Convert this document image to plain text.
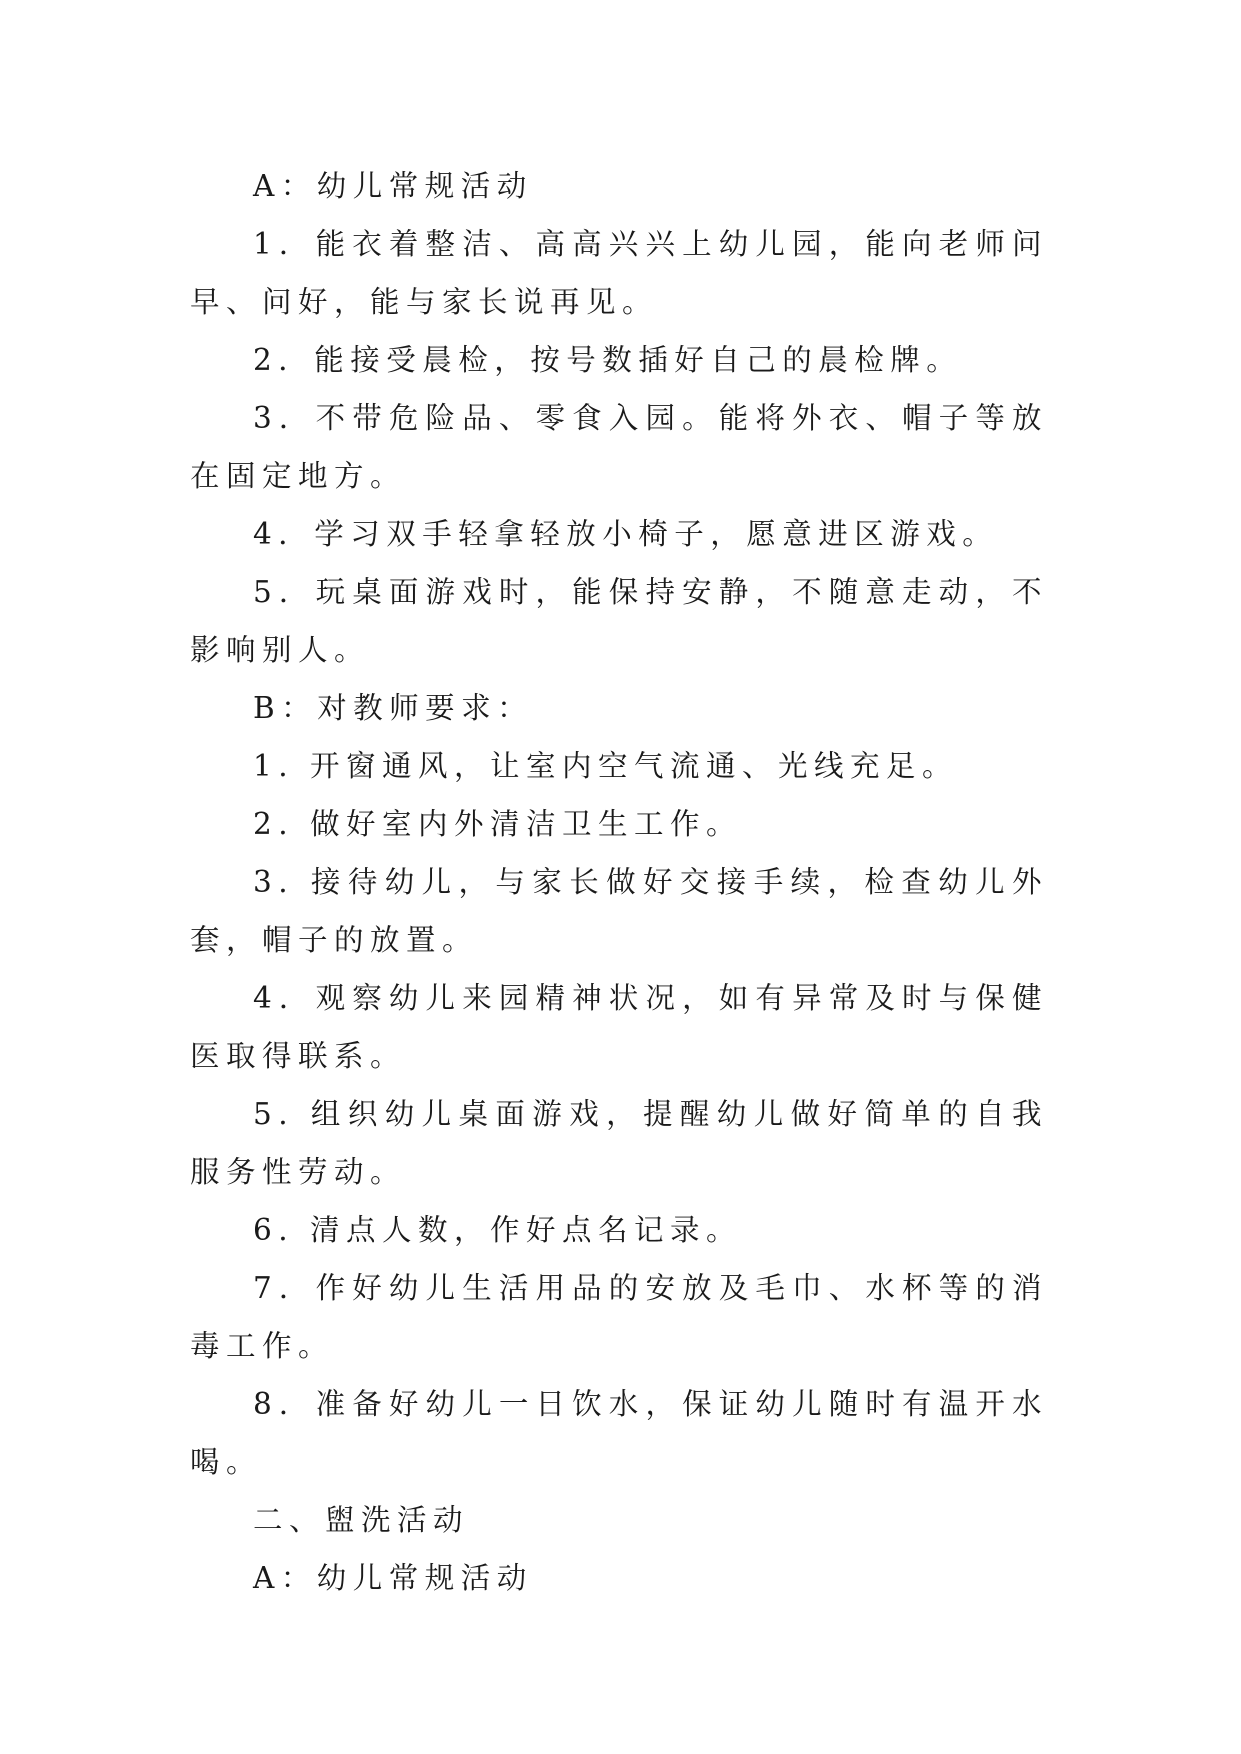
A：幼儿常规活动

1．能衣着整洁、高高兴兴上幼儿园，能向老师问早、问好，能与家长说再见。

2．能接受晨检，按号数插好自己的晨检牌。

3．不带危险品、零食入园。能将外衣、帽子等放在固定地方。

4．学习双手轻拿轻放小椅子，愿意进区游戏。

5．玩桌面游戏时，能保持安静，不随意走动，不影响别人。

B：对教师要求：

1. 开窗通风，让室内空气流通、光线充足。

2. 做好室内外清洁卫生工作。

3. 接待幼儿，与家长做好交接手续，检查幼儿外套，帽子的放置。

4．观察幼儿来园精神状况，如有异常及时与保健医取得联系。

5. 组织幼儿桌面游戏，提醒幼儿做好简单的自我服务性劳动。

6. 清点人数，作好点名记录。

7．作好幼儿生活用品的安放及毛巾、水杯等的消毒工作。

8．准备好幼儿一日饮水，保证幼儿随时有温开水喝。

二、盥洗活动

A：幼儿常规活动
